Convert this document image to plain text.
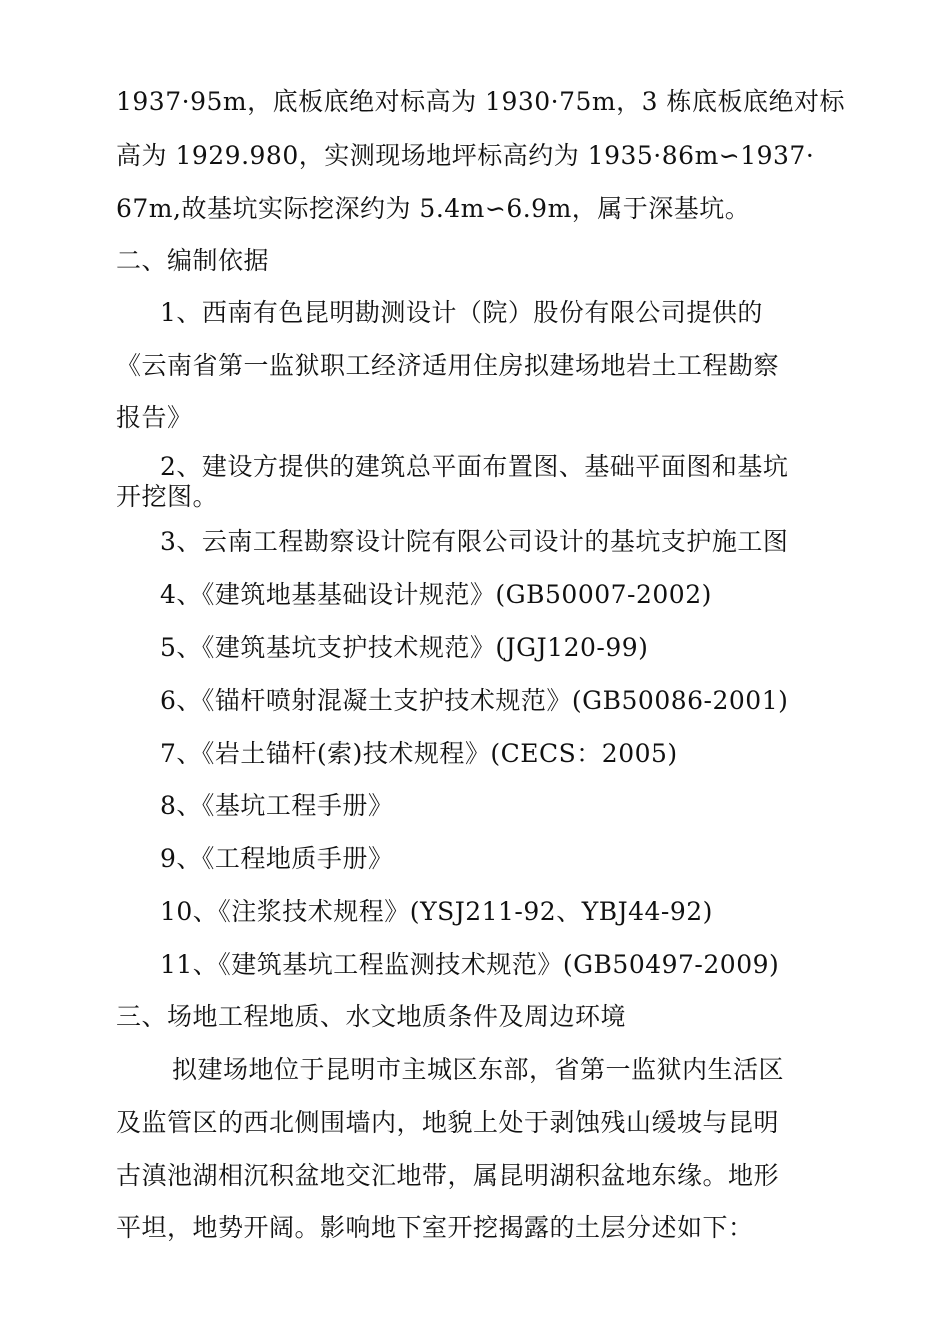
1937·95m，底板底绝对标高为 1930·75m，3 栋底板底绝对标
高为 1929.980，实测现场地坪标高约为 1935·86m∽1937·
67m,故基坑实际挖深约为 5.4m∽6.9m，属于深基坑。
二、编制依据
1、西南有色昆明勘测设计（院）股份有限公司提供的
《云南省第一监狱职工经济适用住房拟建场地岩土工程勘察
报告》
2、建设方提供的建筑总平面布置图、基础平面图和基坑
开挖图。
3、云南工程勘察设计院有限公司设计的基坑支护施工图
4、《建筑地基基础设计规范》(GB50007-2002)
5、《建筑基坑支护技术规范》(JGJ120-99)
6、《锚杆喷射混凝土支护技术规范》(GB50086-2001)
7、《岩土锚杆(索)技术规程》(CECS：2005)
8、《基坑工程手册》
9、《工程地质手册》
10、《注浆技术规程》(YSJ211-92、YBJ44-92)
11、《建筑基坑工程监测技术规范》(GB50497-2009)
三、场地工程地质、水文地质条件及周边环境
拟建场地位于昆明市主城区东部，省第一监狱内生活区
及监管区的西北侧围墙内，地貌上处于剥蚀残山缓坡与昆明
古滇池湖相沉积盆地交汇地带，属昆明湖积盆地东缘。地形
平坦，地势开阔。影响地下室开挖揭露的土层分述如下：
